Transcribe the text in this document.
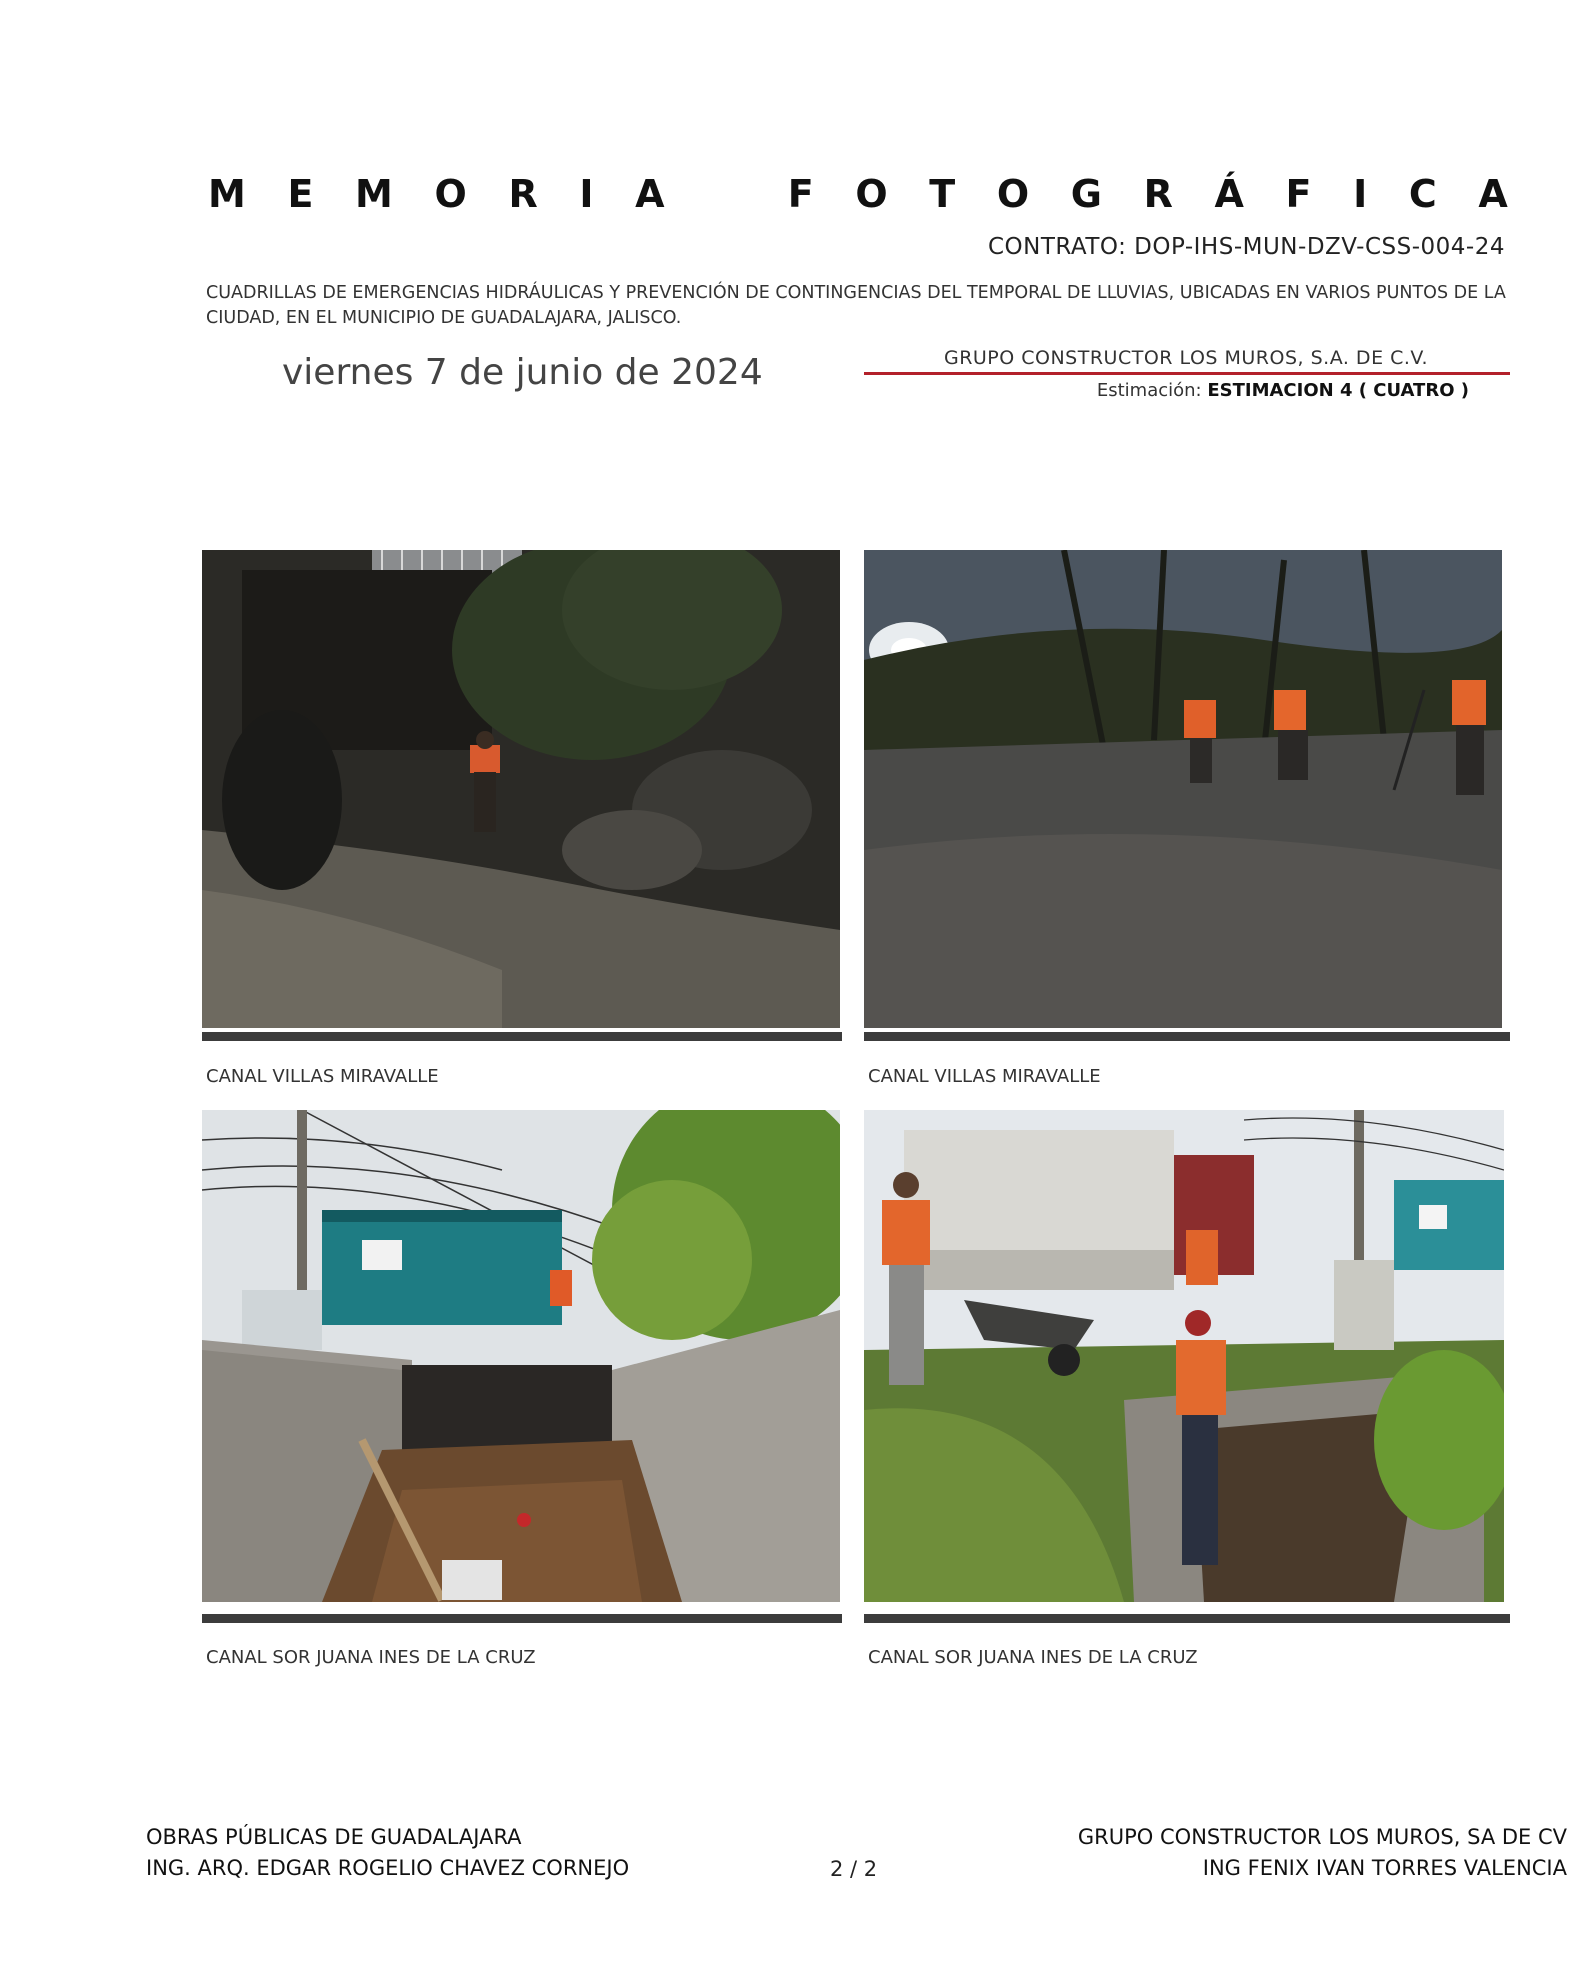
M E M O R I A	F O T O G R Á F I C A
CONTRATO: DOP-IHS-MUN-DZV-CSS-004-24
CUADRILLAS DE EMERGENCIAS HIDRÁULICAS Y PREVENCIÓN DE CONTINGENCIAS DEL TEMPORAL DE LLUVIAS, UBICADAS EN VARIOS PUNTOS DE LA CIUDAD, EN EL MUNICIPIO DE GUADALAJARA, JALISCO.
viernes 7 de junio de 2024	GRUPO CONSTRUCTOR LOS MUROS, S.A. DE C.V.
Estimación: ESTIMACION 4 ( CUATRO )
CANAL VILLAS MIRAVALLE	CANAL VILLAS MIRAVALLE
CANAL SOR JUANA INES DE LA CRUZ	CANAL SOR JUANA INES DE LA CRUZ
OBRAS PÚBLICAS DE GUADALAJARA
ING. ARQ. EDGAR ROGELIO CHAVEZ CORNEJO	2 / 2
GRUPO CONSTRUCTOR LOS MUROS, SA DE CV
ING FENIX IVAN TORRES VALENCIA
